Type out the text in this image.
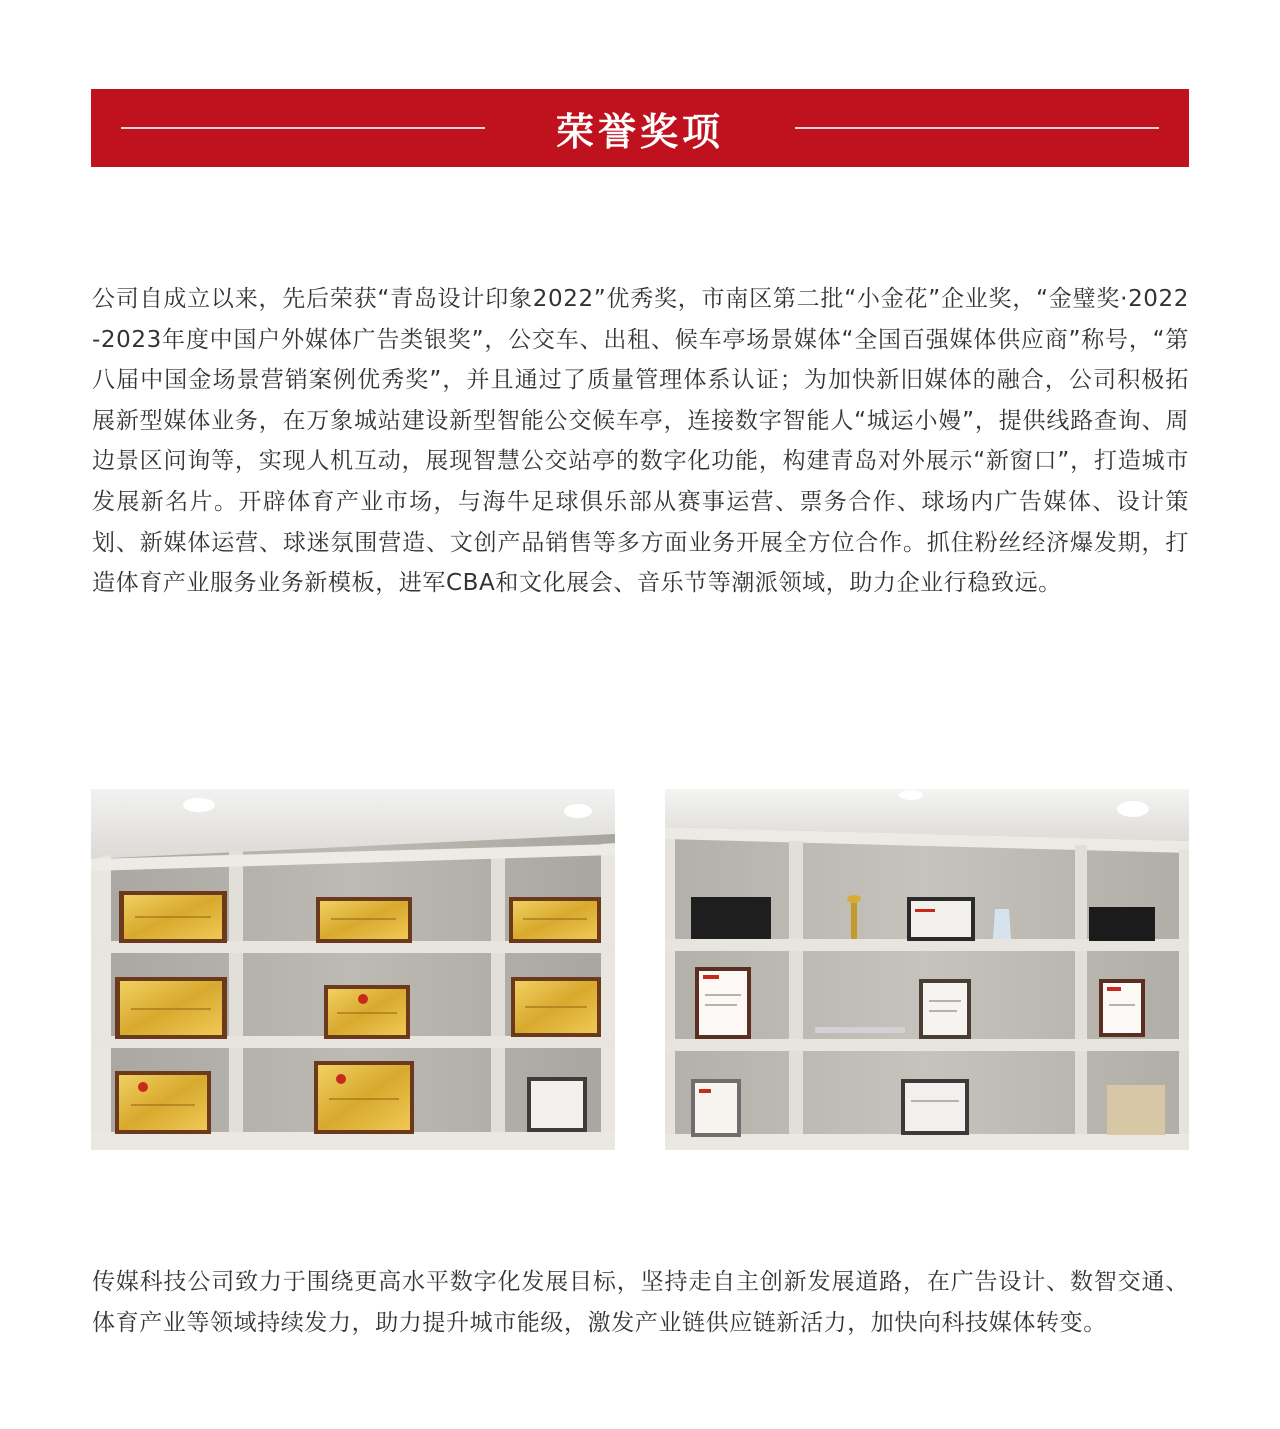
荣誉奖项

公司自成立以来，先后荣获“青岛设计印象2022”优秀奖，市南区第二批“小金花”企业奖，“金璧奖·2022-2023年度中国户外媒体广告类银奖”，公交车、出租、候车亭场景媒体“全国百强媒体供应商”称号，“第八届中国金场景营销案例优秀奖”，并且通过了质量管理体系认证；为加快新旧媒体的融合，公司积极拓展新型媒体业务，在万象城站建设新型智能公交候车亭，连接数字智能人“城运小嫚”，提供线路查询、周边景区问询等，实现人机互动，展现智慧公交站亭的数字化功能，构建青岛对外展示“新窗口”，打造城市发展新名片。开辟体育产业市场，与海牛足球俱乐部从赛事运营、票务合作、球场内广告媒体、设计策划、新媒体运营、球迷氛围营造、文创产品销售等多方面业务开展全方位合作。抓住粉丝经济爆发期，打造体育产业服务业务新模板，进军CBA和文化展会、音乐节等潮派领域，助力企业行稳致远。

传媒科技公司致力于围绕更高水平数字化发展目标，坚持走自主创新发展道路，在广告设计、数智交通、体育产业等领域持续发力，助力提升城市能级，激发产业链供应链新活力，加快向科技媒体转变。
